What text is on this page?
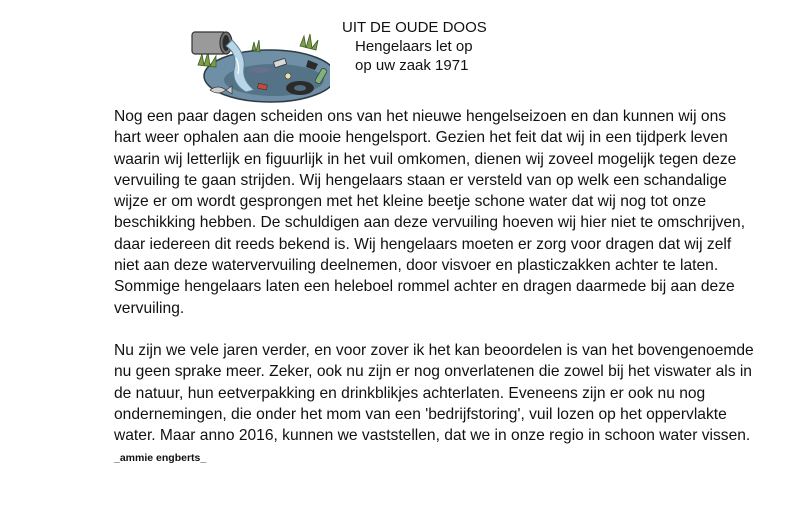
UIT DE OUDE DOOS
Hengelaars let op
op uw zaak 1971

Nog een paar dagen scheiden ons van het nieuwe hengelseizoen en dan kunnen wij ons hart weer ophalen aan die mooie hengelsport. Gezien het feit dat wij in een tijdperk leven waarin wij letterlijk en figuurlijk in het vuil omkomen, dienen wij zoveel mogelijk tegen deze vervuiling te gaan strijden. Wij hengelaars staan er versteld van op welk een schandalige wijze er om wordt gesprongen met het kleine beetje schone water dat wij nog tot onze beschikking hebben. De schuldigen aan deze vervuiling hoeven wij hier niet te omschrijven, daar iedereen dit reeds bekend is. Wij hengelaars moeten er zorg voor dragen dat wij zelf niet aan deze watervervuiling deelnemen, door visvoer en plasticzakken achter te laten. Sommige hengelaars laten een heleboel rommel achter en dragen daarmede bij aan deze vervuiling.

Nu zijn we vele jaren verder, en voor zover ik het kan beoordelen is van het bovengenoemde nu geen sprake meer. Zeker, ook nu zijn er nog onverlatenen die zowel bij het viswater als in de natuur, hun eetverpakking en drinkblikjes achterlaten. Eveneens zijn er ook nu nog ondernemingen, die onder het mom van een 'bedrijfstoring', vuil lozen op het oppervlakte water. Maar anno 2016, kunnen we vaststellen, dat we in onze regio in schoon water vissen. _ammie engberts_
